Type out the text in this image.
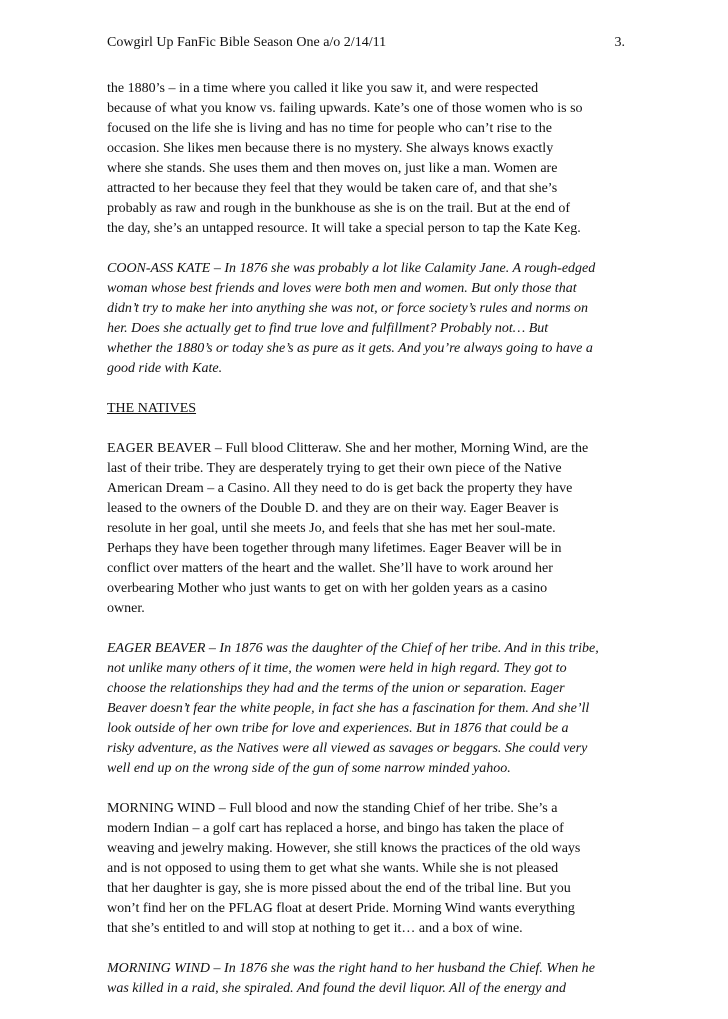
Cowgirl Up FanFic Bible Season One a/o 2/14/11	3.
the 1880’s – in a time where you called it like you saw it, and were respected
because of what you know vs. failing upwards. Kate’s one of those women who is so
focused on the life she is living and has no time for people who can’t rise to the
occasion. She likes men because there is no mystery. She always knows exactly
where she stands. She uses them and then moves on, just like a man. Women are
attracted to her because they feel that they would be taken care of, and that she’s
probably as raw and rough in the bunkhouse as she is on the trail. But at the end of
the day, she’s an untapped resource. It will take a special person to tap the Kate Keg.
COON-ASS KATE – In 1876 she was probably a lot like Calamity Jane. A rough-edged
woman whose best friends and loves were both men and women. But only those that
didn’t try to make her into anything she was not, or force society’s rules and norms on
her. Does she actually get to find true love and fulfillment? Probably not… But
whether the 1880’s or today she’s as pure as it gets. And you’re always going to have a
good ride with Kate.
THE NATIVES
EAGER BEAVER – Full blood Clitteraw. She and her mother, Morning Wind, are the
last of their tribe. They are desperately trying to get their own piece of the Native
American Dream – a Casino. All they need to do is get back the property they have
leased to the owners of the Double D. and they are on their way. Eager Beaver is
resolute in her goal, until she meets Jo, and feels that she has met her soul-mate.
Perhaps they have been together through many lifetimes. Eager Beaver will be in
conflict over matters of the heart and the wallet. She’ll have to work around her
overbearing Mother who just wants to get on with her golden years as a casino
owner.
EAGER BEAVER – In 1876 was the daughter of the Chief of her tribe. And in this tribe,
not unlike many others of it time, the women were held in high regard. They got to
choose the relationships they had and the terms of the union or separation. Eager
Beaver doesn’t fear the white people, in fact she has a fascination for them. And she’ll
look outside of her own tribe for love and experiences. But in 1876 that could be a
risky adventure, as the Natives were all viewed as savages or beggars. She could very
well end up on the wrong side of the gun of some narrow minded yahoo.
MORNING WIND – Full blood and now the standing Chief of her tribe. She’s a
modern Indian – a golf cart has replaced a horse, and bingo has taken the place of
weaving and jewelry making. However, she still knows the practices of the old ways
and is not opposed to using them to get what she wants. While she is not pleased
that her daughter is gay, she is more pissed about the end of the tribal line. But you
won’t find her on the PFLAG float at desert Pride. Morning Wind wants everything
that she’s entitled to and will stop at nothing to get it… and a box of wine.
MORNING WIND – In 1876 she was the right hand to her husband the Chief. When he
was killed in a raid, she spiraled. And found the devil liquor. All of the energy and
